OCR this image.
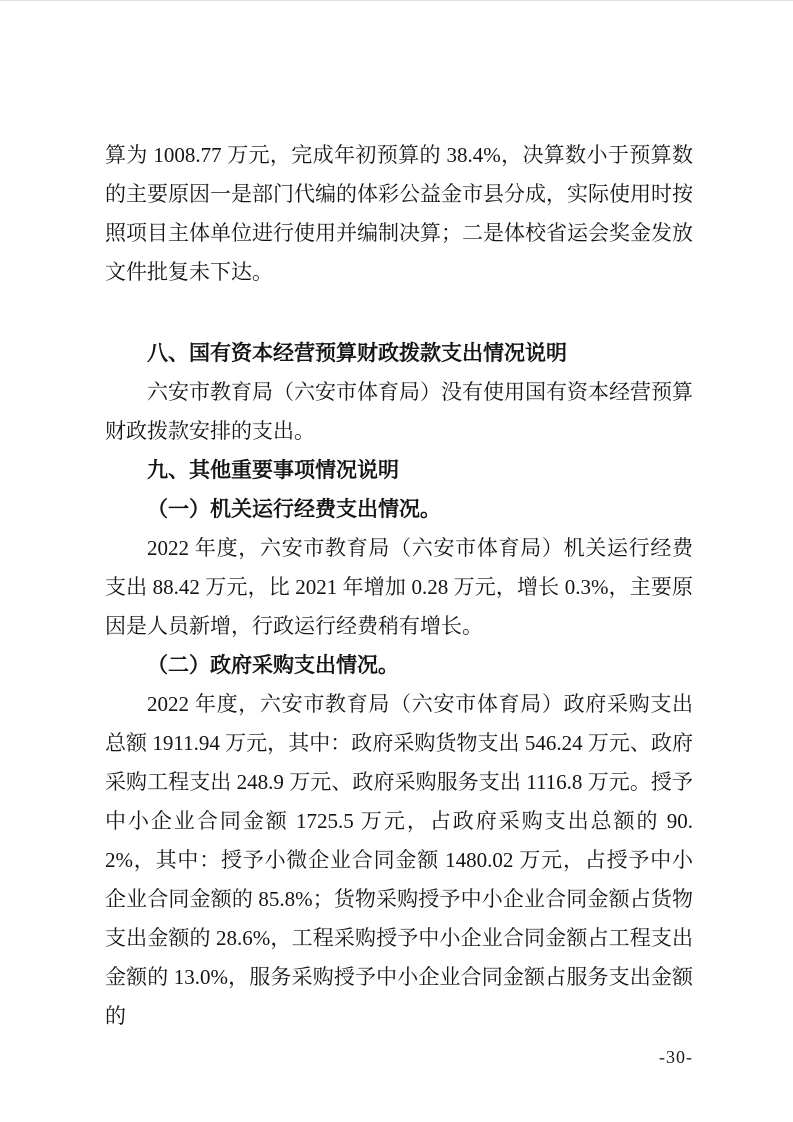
算为 1008.77 万元，完成年初预算的 38.4%，决算数小于预算数的主要原因一是部门代编的体彩公益金市县分成，实际使用时按照项目主体单位进行使用并编制决算；二是体校省运会奖金发放文件批复未下达。

八、国有资本经营预算财政拨款支出情况说明

六安市教育局（六安市体育局）没有使用国有资本经营预算财政拨款安排的支出。

九、其他重要事项情况说明

（一）机关运行经费支出情况。

2022 年度，六安市教育局（六安市体育局）机关运行经费支出 88.42 万元，比 2021 年增加 0.28 万元，增长 0.3%，主要原因是人员新增，行政运行经费稍有增长。

（二）政府采购支出情况。

2022 年度，六安市教育局（六安市体育局）政府采购支出总额 1911.94 万元，其中：政府采购货物支出 546.24 万元、政府采购工程支出 248.9 万元、政府采购服务支出 1116.8 万元。授予中小企业合同金额 1725.5 万元，占政府采购支出总额的 90.2%，其中：授予小微企业合同金额 1480.02 万元，占授予中小企业合同金额的 85.8%；货物采购授予中小企业合同金额占货物支出金额的 28.6%，工程采购授予中小企业合同金额占工程支出金额的 13.0%，服务采购授予中小企业合同金额占服务支出金额的

-30-
